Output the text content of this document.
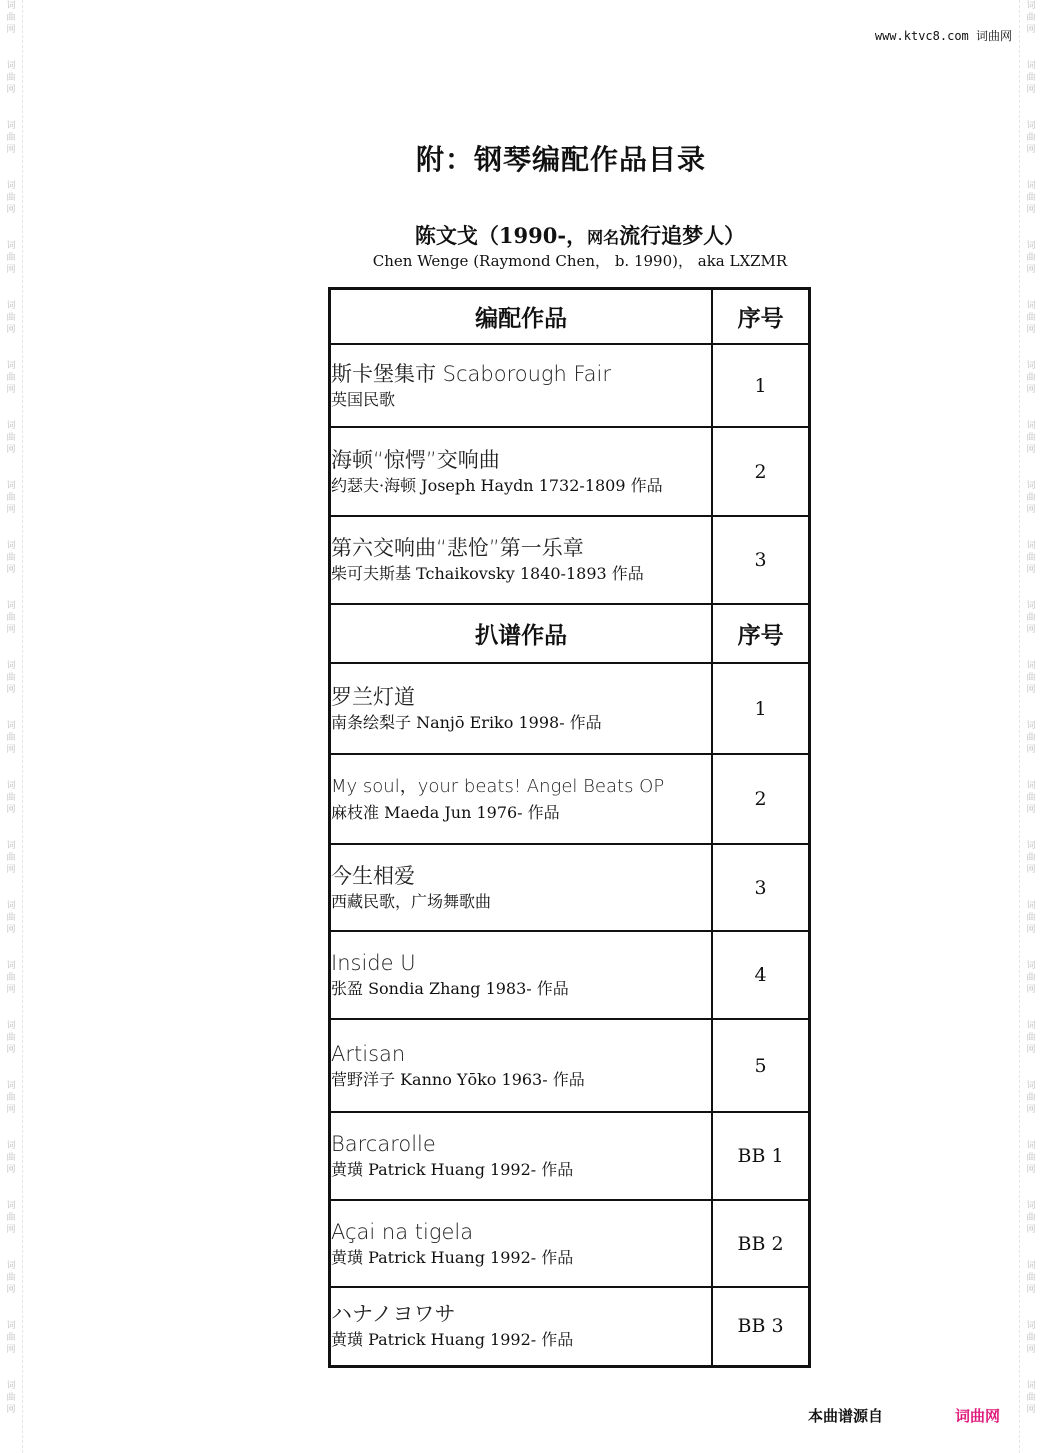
词
曲
网
词
曲
网
词
曲
网
词
曲
网
词
曲
网
词
曲
网
词
曲
网
词
曲
网
词
曲
网
词
曲
网
词
曲
网
词
曲
网
词
曲
网
词
曲
网
词
曲
网
词
曲
网
词
曲
网
词
曲
网
词
曲
网
词
曲
网
词
曲
网
词
曲
网
词
曲
网
词
曲
网
词
曲
网
词
曲
网
词
曲
网
词
曲
网
词
曲
网
词
曲
网
词
曲
网
词
曲
网
词
曲
网
词
曲
网
词
曲
网
词
曲
网
词
曲
网
词
曲
网
词
曲
网
词
曲
网
词
曲
网
词
曲
网
词
曲
网
词
曲
网
词
曲
网
词
曲
网
词
曲
网
词
曲
网
www.ktvc8.com 词曲网
附：钢琴编配作品目录
陈文戈（1990-，网名流行追梦人）
Chen Wenge (Raymond Chen， b. 1990)， aka LXZMR
编配作品	序号

斯卡堡集市 Scaborough Fair
英国民歌	1

海顿“惊愕”交响曲
约瑟夫·海顿 Joseph Haydn 1732-1809 作品	2

第六交响曲“悲怆”第一乐章
柴可夫斯基 Tchaikovsky 1840-1893 作品	3
扒谱作品	序号

罗兰灯道
南条绘梨子 Nanjō Eriko 1998- 作品	1

My soul，your beats! Angel Beats OP
麻枝准 Maeda Jun 1976- 作品	2

今生相爱
西藏民歌，广场舞歌曲	3

Inside U
张盈 Sondia Zhang 1983- 作品	4

Artisan
菅野洋子 Kanno Yōko 1963- 作品	5

Barcarolle
黄璜 Patrick Huang 1992- 作品	BB 1

Açai na tigela
黄璜 Patrick Huang 1992- 作品	BB 2

ハナノヨワサ
黄璜 Patrick Huang 1992- 作品	BB 3
本曲谱源自	词曲网
